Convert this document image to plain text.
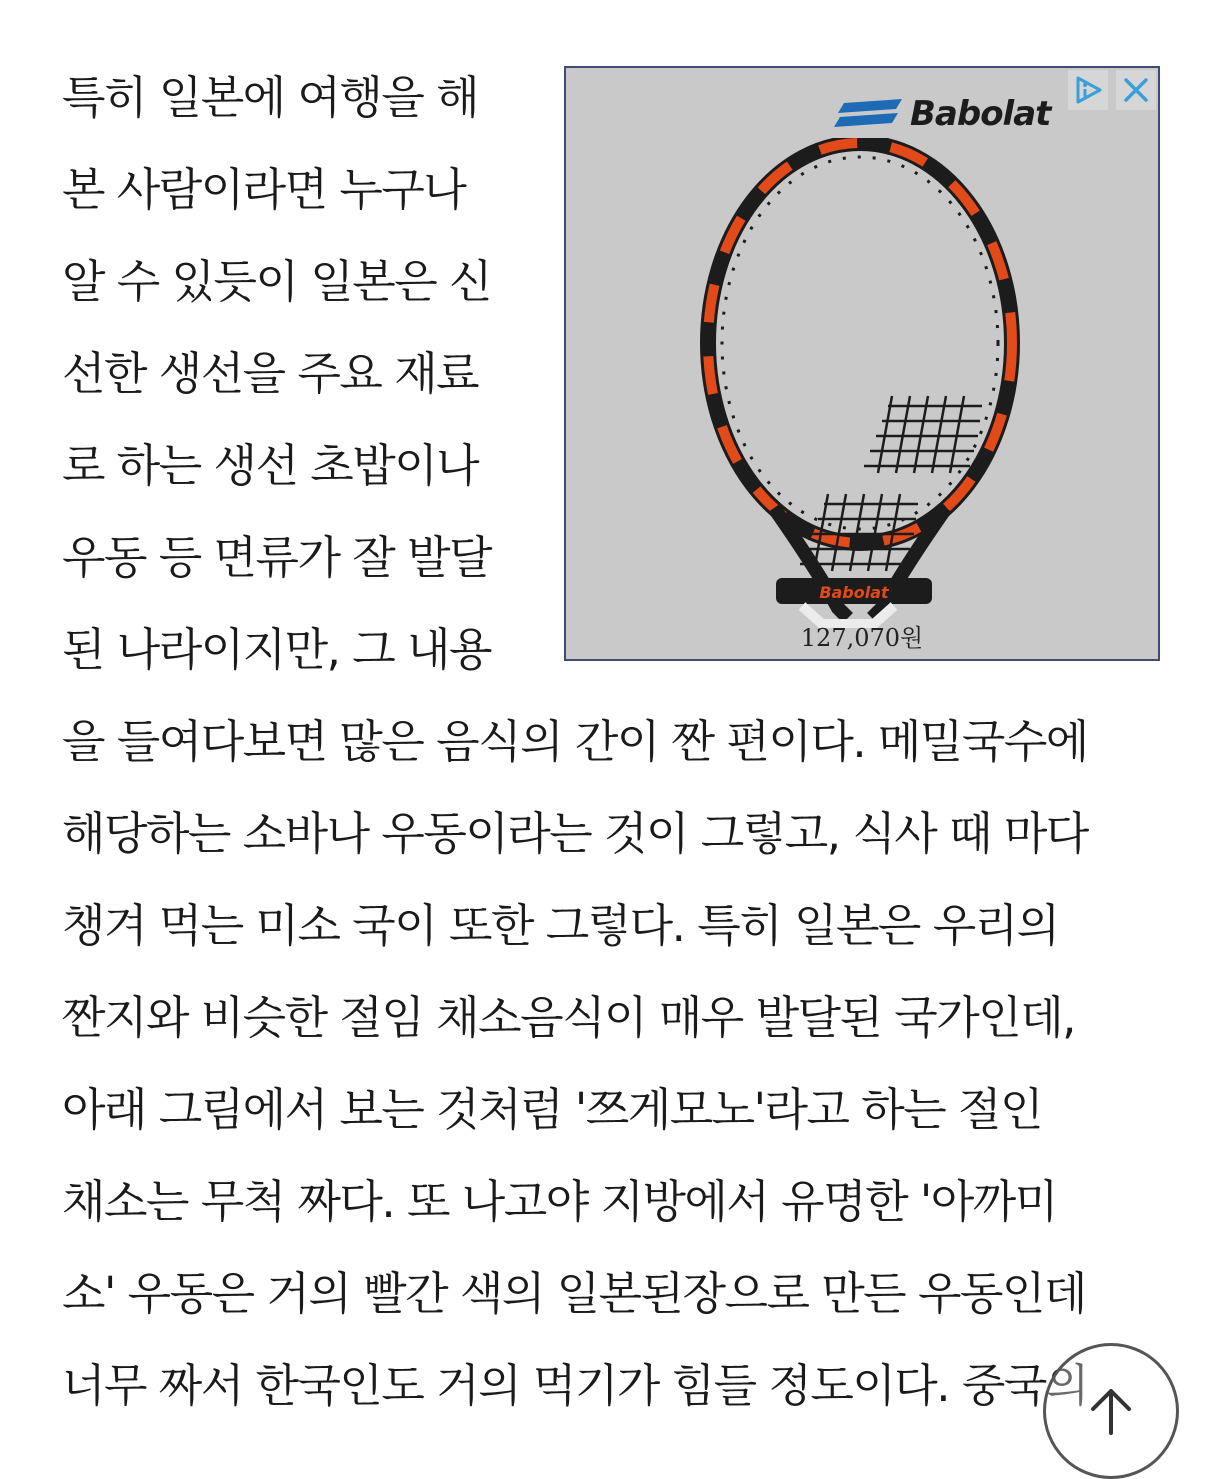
특히 일본에 여행을 해
본 사람이라면 누구나
알 수 있듯이 일본은 신
선한 생선을 주요 재료
로 하는 생선 초밥이나
우동 등 면류가 잘 발달
된 나라이지만, 그 내용
을 들여다보면 많은 음식의 간이 짠 편이다. 메밀국수에
해당하는 소바나 우동이라는 것이 그렇고, 식사 때 마다
챙겨 먹는 미소 국이 또한 그렇다. 특히 일본은 우리의
짠지와 비슷한 절임 채소음식이 매우 발달된 국가인데,
아래 그림에서 보는 것처럼 '쯔게모노'라고 하는 절인
채소는 무척 짜다. 또 나고야 지방에서 유명한 '아까미
소' 우동은 거의 빨간 색의 일본된장으로 만든 우동인데
너무 짜서 한국인도 거의 먹기가 힘들 정도이다. 중국의
Babolat
Babolat
127,070원
